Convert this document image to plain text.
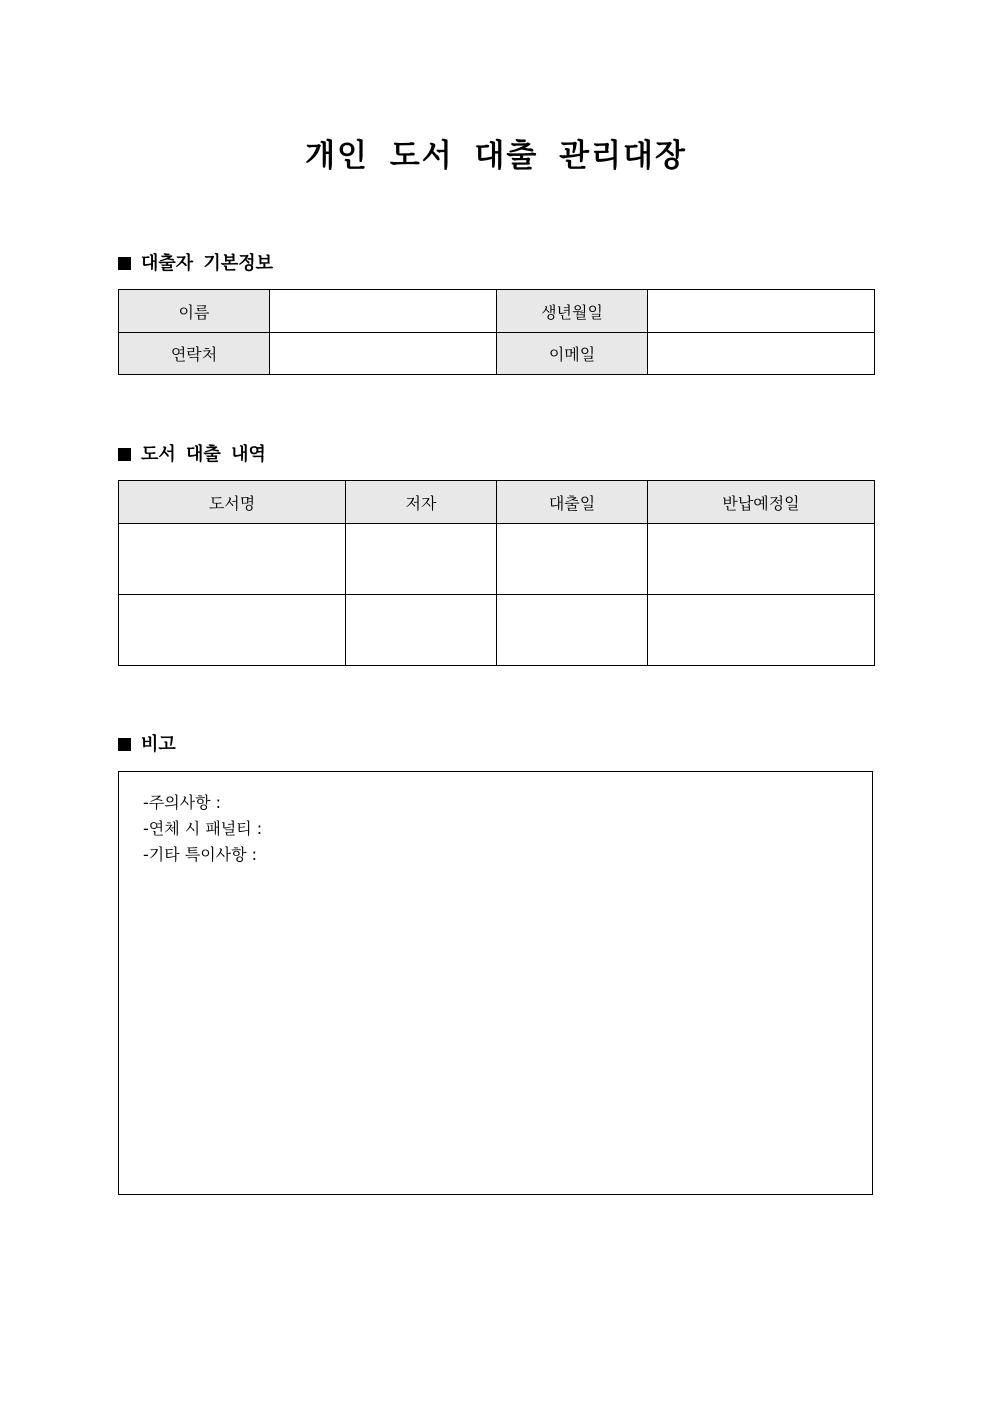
개인 도서 대출 관리대장
대출자 기본정보
이름		생년월일	
연락처		이메일	
도서 대출 내역
도서명	저자	대출일	반납예정일

비고
-주의사항 :
-연체 시 패널티 :
-기타 특이사항 :
